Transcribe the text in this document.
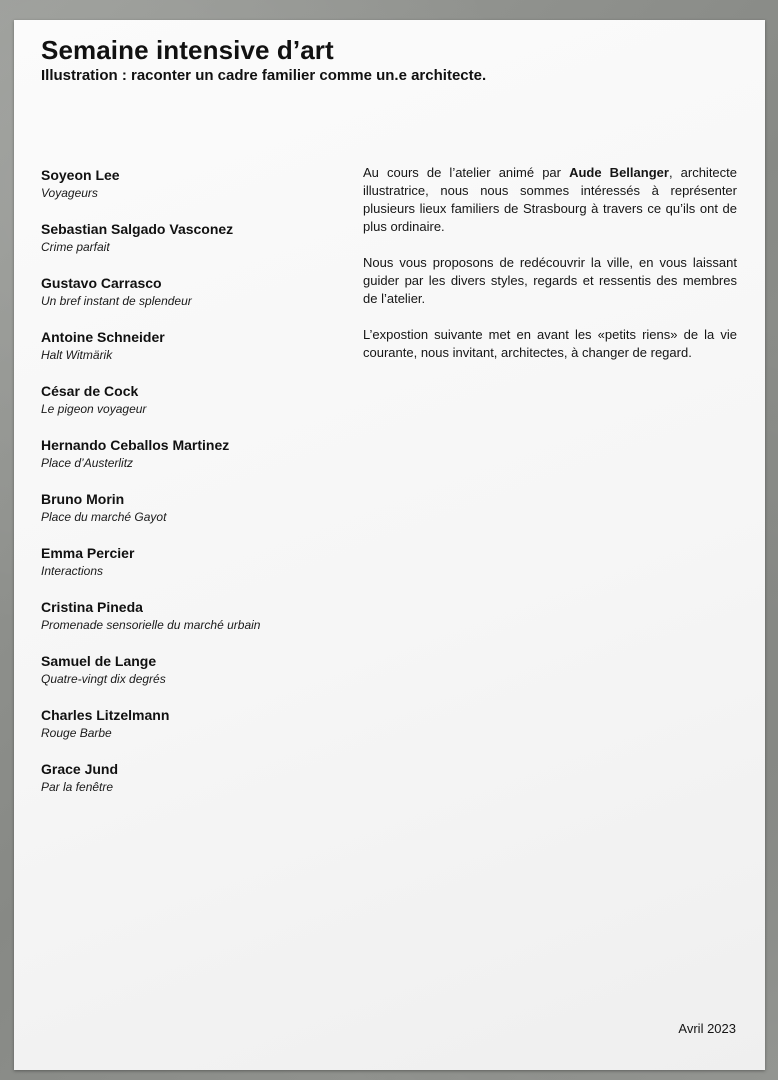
Semaine intensive d’art

Illustration : raconter un cadre familier comme un.e architecte.

Soyeon Lee
Voyageurs
Sebastian Salgado Vasconez
Crime parfait
Gustavo Carrasco
Un bref instant de splendeur
Antoine Schneider
Halt Witmärik
César de Cock
Le pigeon voyageur
Hernando Ceballos Martinez
Place d’Austerlitz
Bruno Morin
Place du marché Gayot
Emma Percier
Interactions
Cristina Pineda
Promenade sensorielle du marché urbain
Samuel de Lange
Quatre-vingt dix degrés
Charles Litzelmann
Rouge Barbe
Grace Jund
Par la fenêtre

Au cours de l’atelier animé par Aude Bellanger, architecte illustratrice, nous nous sommes intéressés à représenter plusieurs lieux familiers de Strasbourg à travers ce qu’ils ont de plus ordinaire.

Nous vous proposons de redécouvrir la ville, en vous laissant guider par les divers styles, regards et ressentis des membres de l’atelier.

L’expostion suivante met en avant les «petits riens» de la vie courante, nous invitant, architectes, à changer de regard.

Avril 2023
